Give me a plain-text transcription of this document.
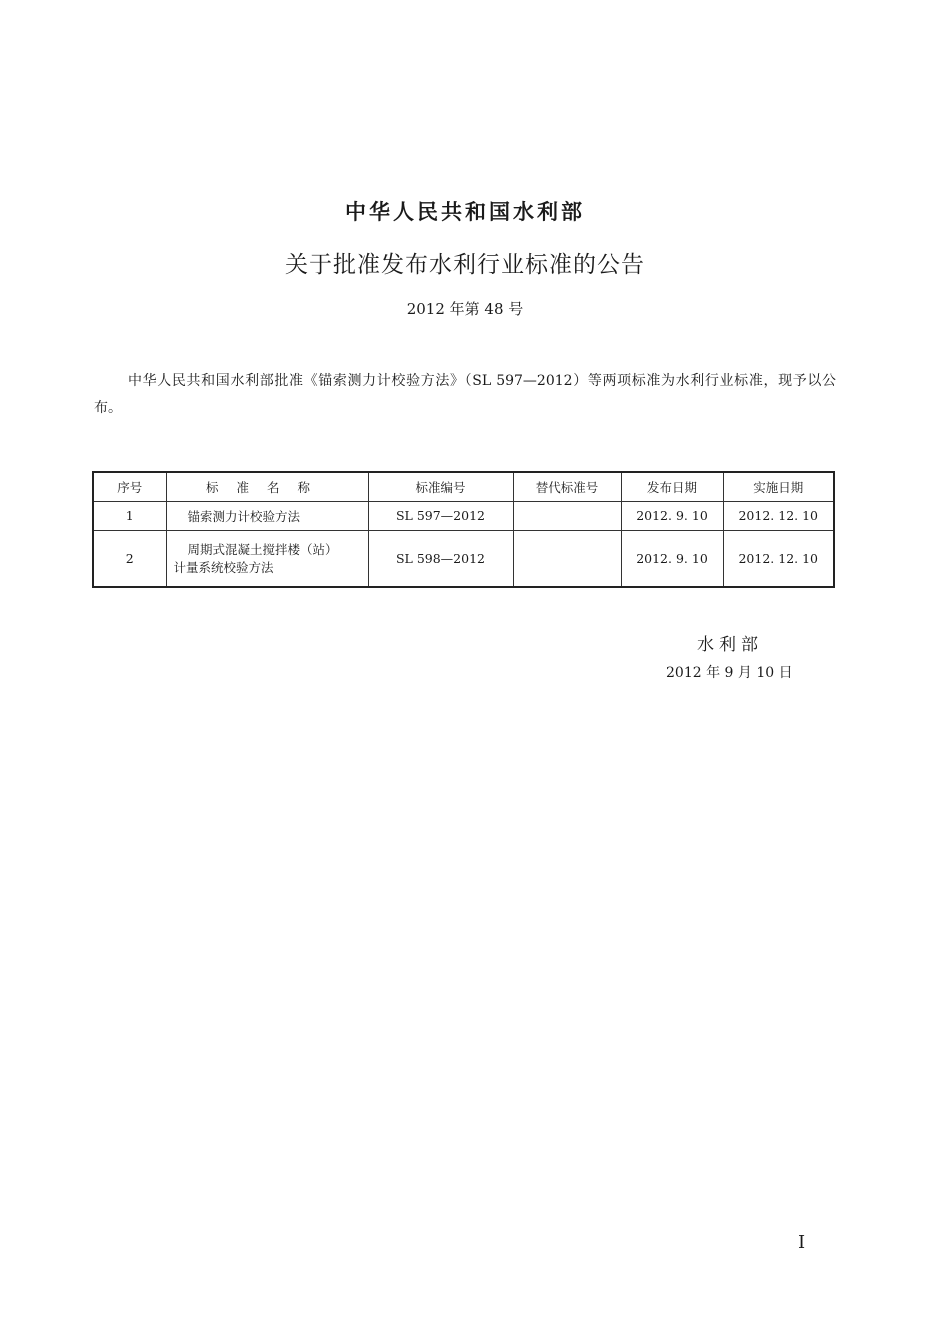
中华人民共和国水利部
关于批准发布水利行业标准的公告
2012 年第 48 号

中华人民共和国水利部批准《锚索测力计校验方法》（SL 597—2012）等两项标准为水利行业标准，现予以公布。

序号	标准名称	标准编号	替代标准号	发布日期	实施日期
1	锚索测力计校验方法	SL 597—2012		2012. 9. 10	2012. 12. 10
2	周期式混凝土搅拌楼（站）
计量系统校验方法	SL 598—2012		2012. 9. 10	2012. 12. 10
水利部
2012 年 9 月 10 日
I
